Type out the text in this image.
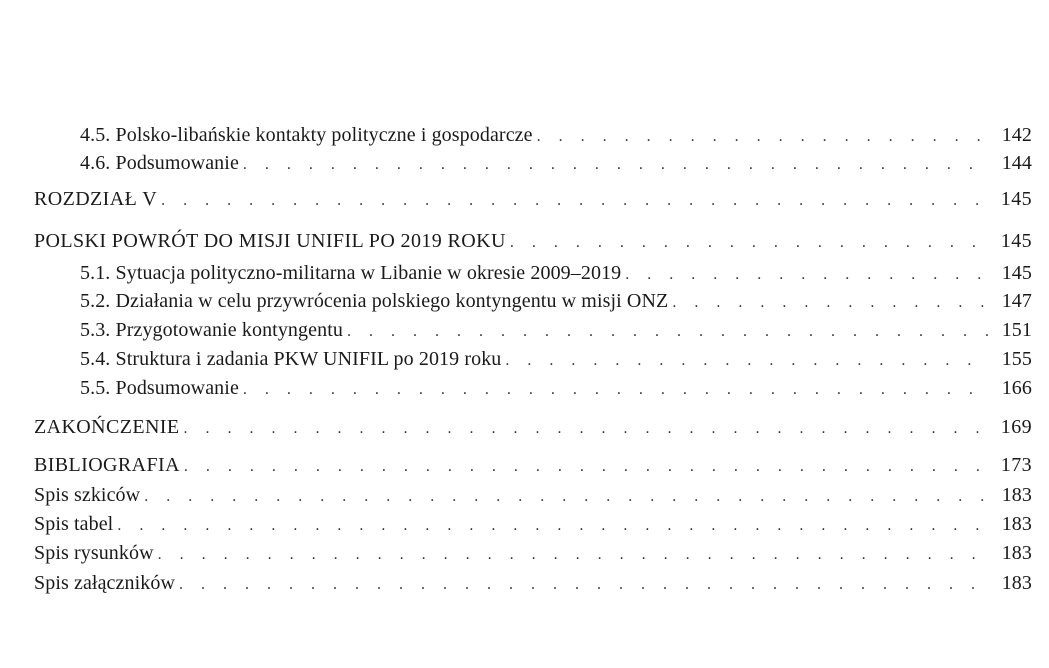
4.5. Polsko-libańskie kontakty polityczne i gospodarcze . . .	142
4.6. Podsumowanie . . .	144
ROZDZIAŁ V . . .	145
POLSKI POWRÓT DO MISJI UNIFIL PO 2019 ROKU . . .	145
5.1. Sytuacja polityczno-militarna w Libanie w okresie 2009–2019 . . .	145
5.2. Działania w celu przywrócenia polskiego kontyngentu w misji ONZ . . .	147
5.3. Przygotowanie kontyngentu . . .	151
5.4. Struktura i zadania PKW UNIFIL po 2019 roku . . .	155
5.5. Podsumowanie . . .	166
ZAKOŃCZENIE . . .	169
BIBLIOGRAFIA . . .	173
Spis szkiców . . .	183
Spis tabel . . .	183
Spis rysunków . . .	183
Spis załączników . . .	183
